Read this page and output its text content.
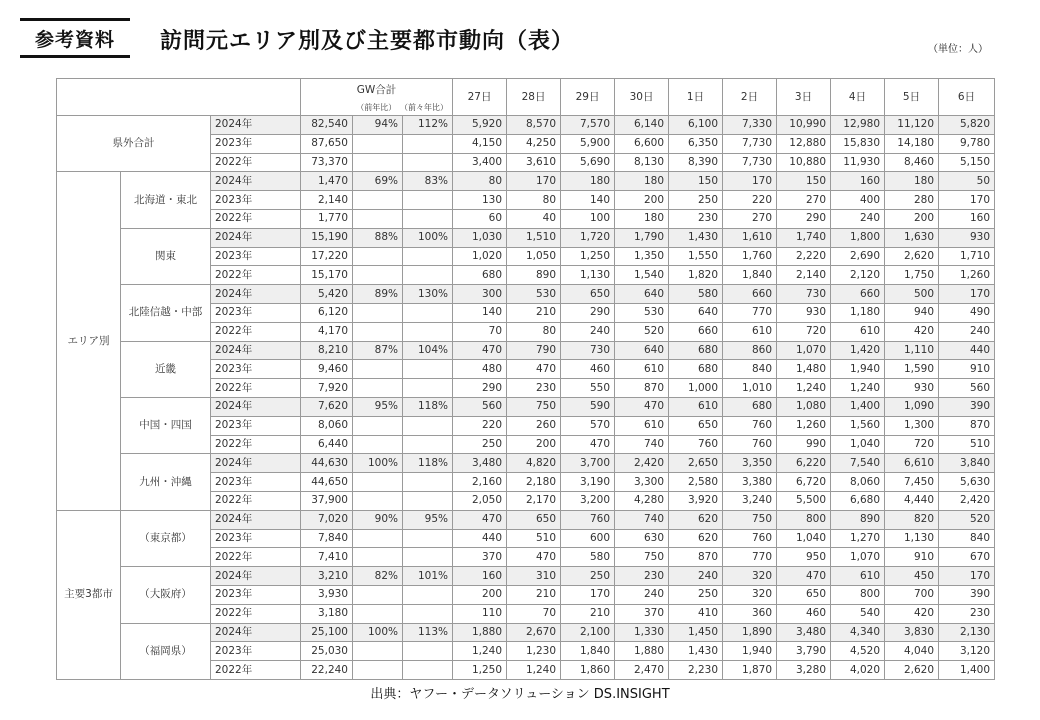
参考資料	訪問元エリア別及び主要都市動向（表）	（単位：人）

			GW合計
（前年比） （前々年比）			27日	28日	29日	30日	1日	2日	3日	4日	5日	6日
県外合計		2024年	82,540	94%	112%	5,920	8,570	7,570	6,140	6,100	7,330	10,990	12,980	11,120	5,820
		2023年	87,650			4,150	4,250	5,900	6,600	6,350	7,730	12,880	15,830	14,180	9,780
		2022年	73,370			3,400	3,610	5,690	8,130	8,390	7,730	10,880	11,930	8,460	5,150
エリア別	北海道・東北	2024年	1,470	69%	83%	80	170	180	180	150	170	150	160	180	50
		2023年	2,140			130	80	140	200	250	220	270	400	280	170
		2022年	1,770			60	40	100	180	230	270	290	240	200	160
	関東	2024年	15,190	88%	100%	1,030	1,510	1,720	1,790	1,430	1,610	1,740	1,800	1,630	930
		2023年	17,220			1,020	1,050	1,250	1,350	1,550	1,760	2,220	2,690	2,620	1,710
		2022年	15,170			680	890	1,130	1,540	1,820	1,840	2,140	2,120	1,750	1,260
	北陸信越・中部	2024年	5,420	89%	130%	300	530	650	640	580	660	730	660	500	170
		2023年	6,120			140	210	290	530	640	770	930	1,180	940	490
		2022年	4,170			70	80	240	520	660	610	720	610	420	240
	近畿	2024年	8,210	87%	104%	470	790	730	640	680	860	1,070	1,420	1,110	440
		2023年	9,460			480	470	460	610	680	840	1,480	1,940	1,590	910
		2022年	7,920			290	230	550	870	1,000	1,010	1,240	1,240	930	560
	中国・四国	2024年	7,620	95%	118%	560	750	590	470	610	680	1,080	1,400	1,090	390
		2023年	8,060			220	260	570	610	650	760	1,260	1,560	1,300	870
		2022年	6,440			250	200	470	740	760	760	990	1,040	720	510
	九州・沖縄	2024年	44,630	100%	118%	3,480	4,820	3,700	2,420	2,650	3,350	6,220	7,540	6,610	3,840
		2023年	44,650			2,160	2,180	3,190	3,300	2,580	3,380	6,720	8,060	7,450	5,630
		2022年	37,900			2,050	2,170	3,200	4,280	3,920	3,240	5,500	6,680	4,440	2,420
主要3都市	（東京都）	2024年	7,020	90%	95%	470	650	760	740	620	750	800	890	820	520
		2023年	7,840			440	510	600	630	620	760	1,040	1,270	1,130	840
		2022年	7,410			370	470	580	750	870	770	950	1,070	910	670
	（大阪府）	2024年	3,210	82%	101%	160	310	250	230	240	320	470	610	450	170
		2023年	3,930			200	210	170	240	250	320	650	800	700	390
		2022年	3,180			110	70	210	370	410	360	460	540	420	230
	（福岡県）	2024年	25,100	100%	113%	1,880	2,670	2,100	1,330	1,450	1,890	3,480	4,340	3,830	2,130
		2023年	25,030			1,240	1,230	1,840	1,880	1,430	1,940	3,790	4,520	4,040	3,120
		2022年	22,240			1,250	1,240	1,860	2,470	2,230	1,870	3,280	4,020	2,620	1,400
出典：ヤフー・データソリューション DS.INSIGHT
